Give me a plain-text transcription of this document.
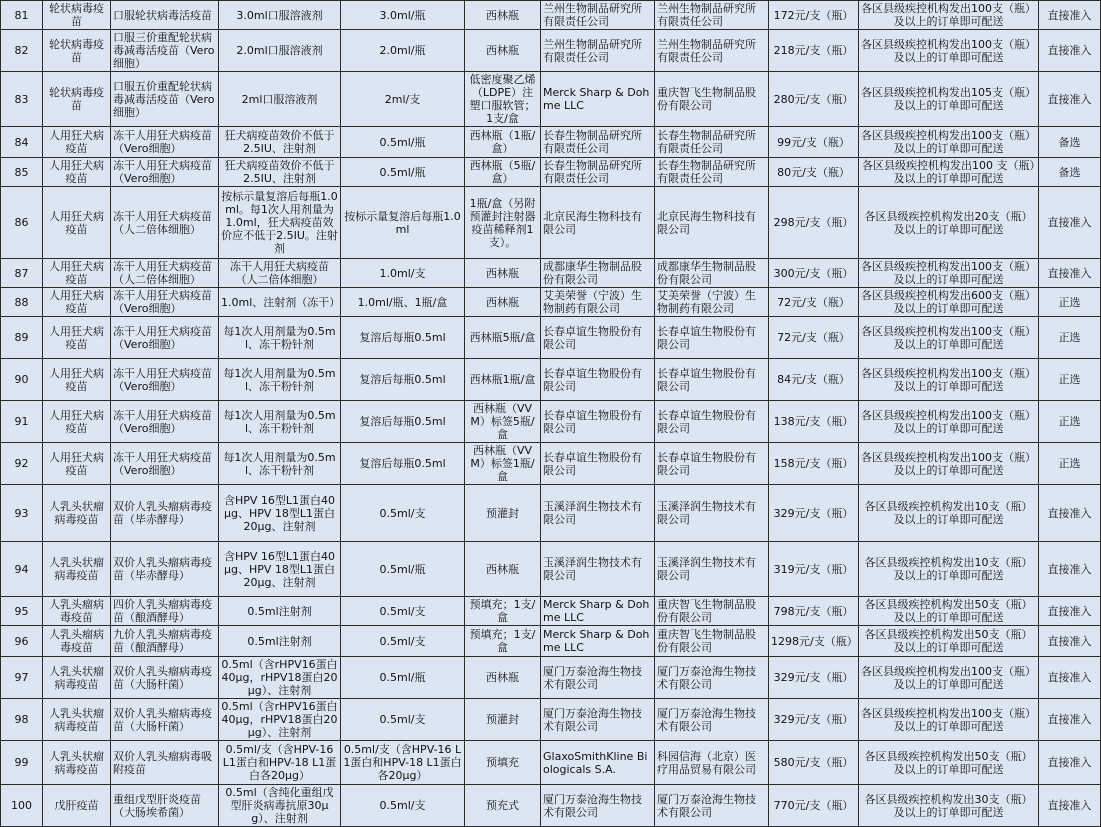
81	轮状病毒疫苗	口服轮状病毒活疫苗	3.0ml口服溶液剂	3.0ml/瓶	西林瓶	兰州生物制品研究所有限责任公司	兰州生物制品研究所有限责任公司	172元/支（瓶）	各区县级疾控机构发出100支（瓶）及以上的订单即可配送	直接准入
82	轮状病毒疫苗	口服三价重配轮状病毒减毒活疫苗（Vero细胞）	2.0ml口服溶液剂	2.0ml/瓶	西林瓶	兰州生物制品研究所有限责任公司	兰州生物制品研究所有限责任公司	218元/支（瓶）	各区县级疾控机构发出100支（瓶）及以上的订单即可配送	直接准入
83	轮状病毒疫苗	口服五价重配轮状病毒减毒活疫苗（Vero细胞）	2ml口服溶液剂	2ml/支	低密度聚乙烯（LDPE）注塑口服软管；1支/盒	Merck Sharp & Dohme LLC	重庆智飞生物制品股份有限公司	280元/支（瓶）	各区县级疾控机构发出105支（瓶）及以上的订单即可配送	直接准入
84	人用狂犬病疫苗	冻干人用狂犬病疫苗（Vero细胞）	狂犬病疫苗效价不低于2.5IU、注射剂	0.5ml/瓶	西林瓶（1瓶/盒）	长春生物制品研究所有限责任公司	长春生物制品研究所有限责任公司	99元/支（瓶）	各区县级疾控机构发出100支（瓶）及以上的订单即可配送	备选
85	人用狂犬病疫苗	冻干人用狂犬病疫苗（Vero细胞）	狂犬病疫苗效价不低于2.5IU、注射剂	0.5ml/瓶	西林瓶（5瓶/盒）	长春生物制品研究所有限责任公司	长春生物制品研究所有限责任公司	80元/支（瓶）	各区县级疾控机构发出100 支（瓶）及以上的订单即可配送	备选
86	人用狂犬病疫苗	冻干人用狂犬病疫苗（人二倍体细胞）	按标示量复溶后每瓶1.0ml。每1次人用剂量为1.0ml，狂犬病疫苗效价应不低于2.5IU。注射剂	按标示量复溶后每瓶1.0ml	1瓶/盒（另附预灌封注射器疫苗稀释剂1支）。	北京民海生物科技有限公司	北京民海生物科技有限公司	298元/支（瓶）	各区县级疾控机构发出20支（瓶）及以上的订单即可配送	直接准入
87	人用狂犬病疫苗	冻干人用狂犬病疫苗（人二倍体细胞）	冻干人用狂犬病疫苗（人二倍体细胞）	1.0ml/支	西林瓶	成都康华生物制品股份有限公司	成都康华生物制品股份有限公司	300元/支（瓶）	各区县级疾控机构发出100支（瓶）及以上的订单即可配送	直接准入
88	人用狂犬病疫苗	冻干人用狂犬病疫苗（Vero细胞）	1.0ml、注射剂（冻干）	1.0ml/瓶、1瓶/盒	西林瓶	艾美荣誉（宁波）生物制药有限公司	艾美荣誉（宁波）生物制药有限公司	72元/支（瓶）	各区县级疾控机构发出600支（瓶）及以上的订单即可配送	正选
89	人用狂犬病疫苗	冻干人用狂犬病疫苗（Vero细胞）	每1次人用剂量为0.5ml、冻干粉针剂	复溶后每瓶0.5ml	西林瓶5瓶/盒	长春卓谊生物股份有限公司	长春卓谊生物股份有限公司	72元/支（瓶）	各区县级疾控机构发出100支（瓶）及以上的订单即可配送	正选
90	人用狂犬病疫苗	冻干人用狂犬病疫苗（Vero细胞）	每1次人用剂量为0.5ml、冻干粉针剂	复溶后每瓶0.5ml	西林瓶1瓶/盒	长春卓谊生物股份有限公司	长春卓谊生物股份有限公司	84元/支（瓶）	各区县级疾控机构发出100支（瓶）及以上的订单即可配送	正选
91	人用狂犬病疫苗	冻干人用狂犬病疫苗（Vero细胞）	每1次人用剂量为0.5ml、冻干粉针剂	复溶后每瓶0.5ml	西林瓶（VVM）标签5瓶/盒	长春卓谊生物股份有限公司	长春卓谊生物股份有限公司	138元/支（瓶）	各区县级疾控机构发出100支（瓶）及以上的订单即可配送	正选
92	人用狂犬病疫苗	冻干人用狂犬病疫苗（Vero细胞）	每1次人用剂量为0.5ml、冻干粉针剂	复溶后每瓶0.5ml	西林瓶（VVM）标签1瓶/盒	长春卓谊生物股份有限公司	长春卓谊生物股份有限公司	158元/支（瓶）	各区县级疾控机构发出100支（瓶）及以上的订单即可配送	正选
93	人乳头状瘤病毒疫苗	双价人乳头瘤病毒疫苗（毕赤酵母）	含HPV 16型L1蛋白40μg、HPV 18型L1蛋白20μg、注射剂	0.5ml/支	预灌封	玉溪泽润生物技术有限公司	玉溪泽润生物技术有限公司	329元/支（瓶）	各区县级疾控机构发出10支（瓶）及以上的订单即可配送	直接准入
94	人乳头状瘤病毒疫苗	双价人乳头瘤病毒疫苗（毕赤酵母）	含HPV 16型L1蛋白40μg、HPV 18型L1蛋白20μg、注射剂	0.5ml/瓶	西林瓶	玉溪泽润生物技术有限公司	玉溪泽润生物技术有限公司	319元/支（瓶）	各区县级疾控机构发出10支（瓶）及以上的订单即可配送	直接准入
95	人乳头瘤病毒疫苗	四价人乳头瘤病毒疫苗（酿酒酵母）	0.5ml注射剂	0.5ml/支	预填充；1支/盒	Merck Sharp & Dohme LLC	重庆智飞生物制品股份有限公司	798元/支（瓶）	各区县级疾控机构发出50支（瓶）及以上的订单即可配送	直接准入
96	人乳头瘤病毒疫苗	九价人乳头瘤病毒疫苗（酿酒酵母）	0.5ml注射剂	0.5ml/支	预填充；1支/盒	Merck Sharp & Dohme LLC	重庆智飞生物制品股份有限公司	1298元/支（瓶）	各区县级疾控机构发出50支（瓶）及以上的订单即可配送	直接准入
97	人乳头状瘤病毒疫苗	双价人乳头瘤病毒疫苗（大肠杆菌）	0.5ml（含rHPV16蛋白40μg，rHPV18蛋白20μg）、注射剂	0.5ml/瓶	西林瓶	厦门万泰沧海生物技术有限公司	厦门万泰沧海生物技术有限公司	329元/支（瓶）	各区县级疾控机构发出100支（瓶）及以上的订单即可配送	直接准入
98	人乳头状瘤病毒疫苗	双价人乳头瘤病毒疫苗（大肠杆菌）	0.5ml（含rHPV16蛋白40μg，rHPV18蛋白20μg）、注射剂	0.5ml/支	预灌封	厦门万泰沧海生物技术有限公司	厦门万泰沧海生物技术有限公司	329元/支（瓶）	各区县级疾控机构发出100支（瓶）及以上的订单即可配送	直接准入
99	人乳头状瘤病毒疫苗	双价人乳头瘤病毒吸附疫苗	0.5ml/支（含HPV-16 L1蛋白和HPV-18 L1蛋白各20μg）	0.5ml/支（含HPV-16 L1蛋白和HPV-18 L1蛋白各20μg）	预填充	GlaxoSmithKline Biologicals S.A.	科园信海（北京）医疗用品贸易有限公司	580元/支（瓶）	各区县级疾控机构发出50支（瓶）及以上的订单即可配送	直接准入
100	戊肝疫苗	重组戊型肝炎疫苗（大肠埃希菌）	0.5ml（含纯化重组戊型肝炎病毒抗原30μg）、注射剂	0.5ml/支	预充式	厦门万泰沧海生物技术有限公司	厦门万泰沧海生物技术有限公司	770元/支（瓶）	各区县级疾控机构发出30支（瓶）及以上的订单即可配送	直接准入
